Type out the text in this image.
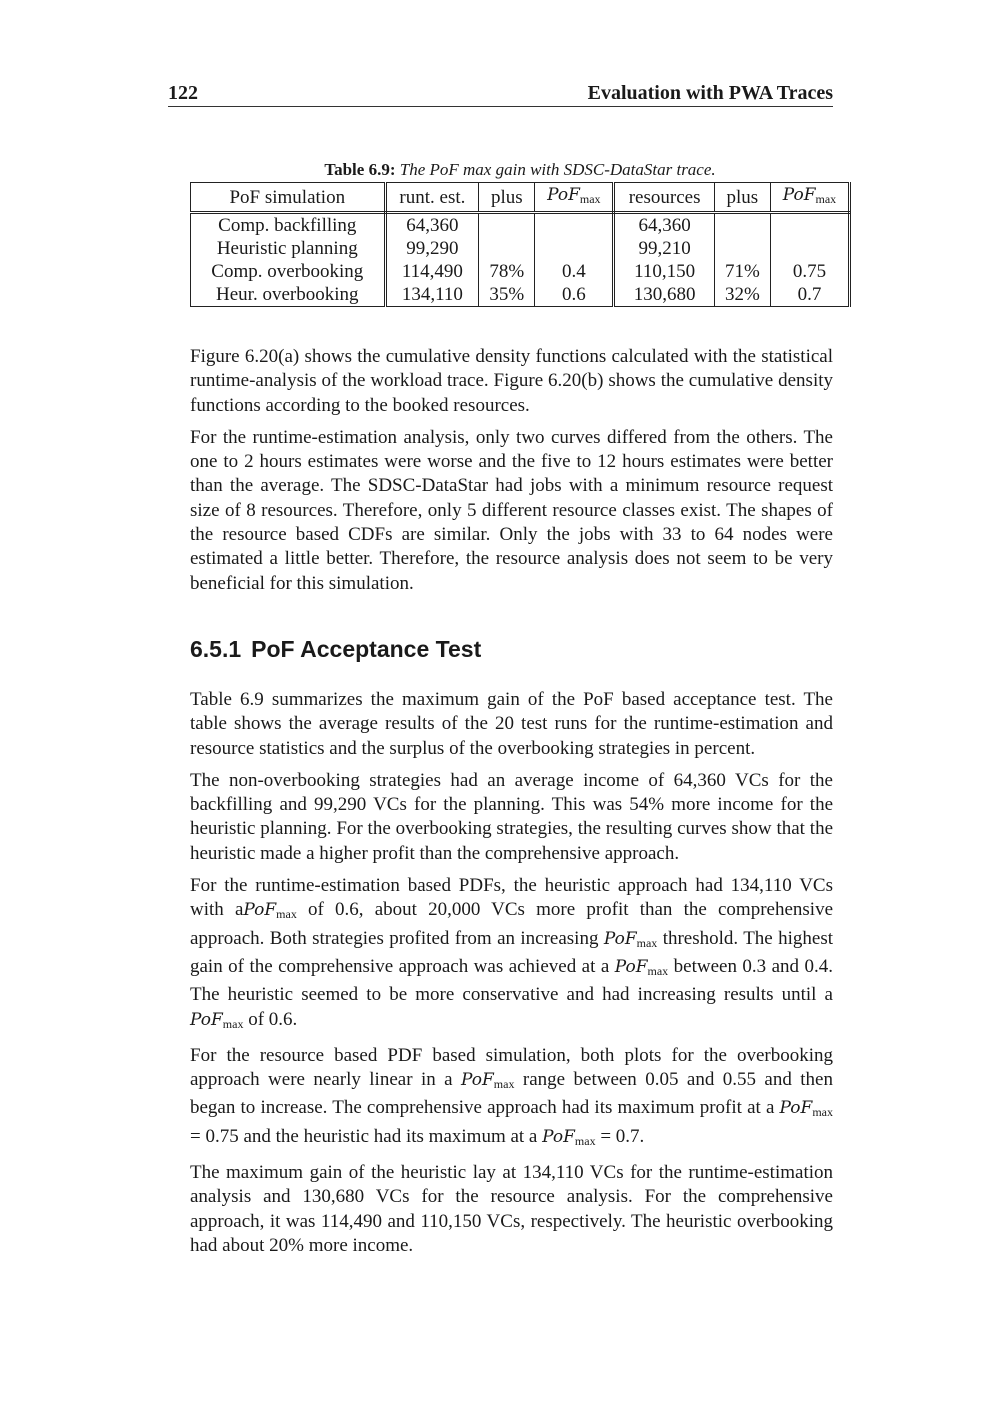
122	Evaluation with PWA Traces
Table 6.9: The PoF max gain with SDSC-DataStar trace.
PoF simulation	runt. est.	plus	PoF$_{max}$	resources	plus	PoF$_{max}$
Comp. backfilling	64,360			64,360		
Heuristic planning	99,290			99,210		
Comp. overbooking	114,490	78%	0.4	110,150	71%	0.75
Heur. overbooking	134,110	35%	0.6	130,680	32%	0.7

Figure 6.20(a) shows the cumulative density functions calculated with the statistical runtime-analysis of the workload trace. Figure 6.20(b) shows the cumulative density functions according to the booked resources.

For the runtime-estimation analysis, only two curves differed from the others. The one to 2 hours estimates were worse and the five to 12 hours estimates were better than the average. The SDSC-DataStar had jobs with a minimum resource request size of 8 resources. Therefore, only 5 different resource classes exist. The shapes of the resource based CDFs are similar. Only the jobs with 33 to 64 nodes were estimated a little better. Therefore, the resource analysis does not seem to be very beneficial for this simulation.

6.5.1 PoF Acceptance Test

Table 6.9 summarizes the maximum gain of the PoF based acceptance test. The table shows the average results of the 20 test runs for the runtime-estimation and resource statistics and the surplus of the overbooking strategies in percent.

The non-overbooking strategies had an average income of 64,360 VCs for the backfilling and 99,290 VCs for the planning. This was 54% more income for the heuristic planning. For the overbooking strategies, the resulting curves show that the heuristic made a higher profit than the comprehensive approach.

For the runtime-estimation based PDFs, the heuristic approach had 134,110 VCs with aPoF$_{max}$ of 0.6, about 20,000 VCs more profit than the comprehensive approach. Both strategies profited from an increasing PoF$_{max}$ threshold. The highest gain of the comprehensive approach was achieved at a PoF$_{max}$ between 0.3 and 0.4. The heuristic seemed to be more conservative and had increasing results until a PoF$_{max}$ of 0.6.

For the resource based PDF based simulation, both plots for the overbooking approach were nearly linear in a PoF$_{max}$ range between 0.05 and 0.55 and then began to increase. The comprehensive approach had its maximum profit at a PoF$_{max}$ = 0.75 and the heuristic had its maximum at a PoF$_{max}$ = 0.7.

The maximum gain of the heuristic lay at 134,110 VCs for the runtime-estimation analysis and 130,680 VCs for the resource analysis. For the comprehensive approach, it was 114,490 and 110,150 VCs, respectively. The heuristic overbooking had about 20% more income.
